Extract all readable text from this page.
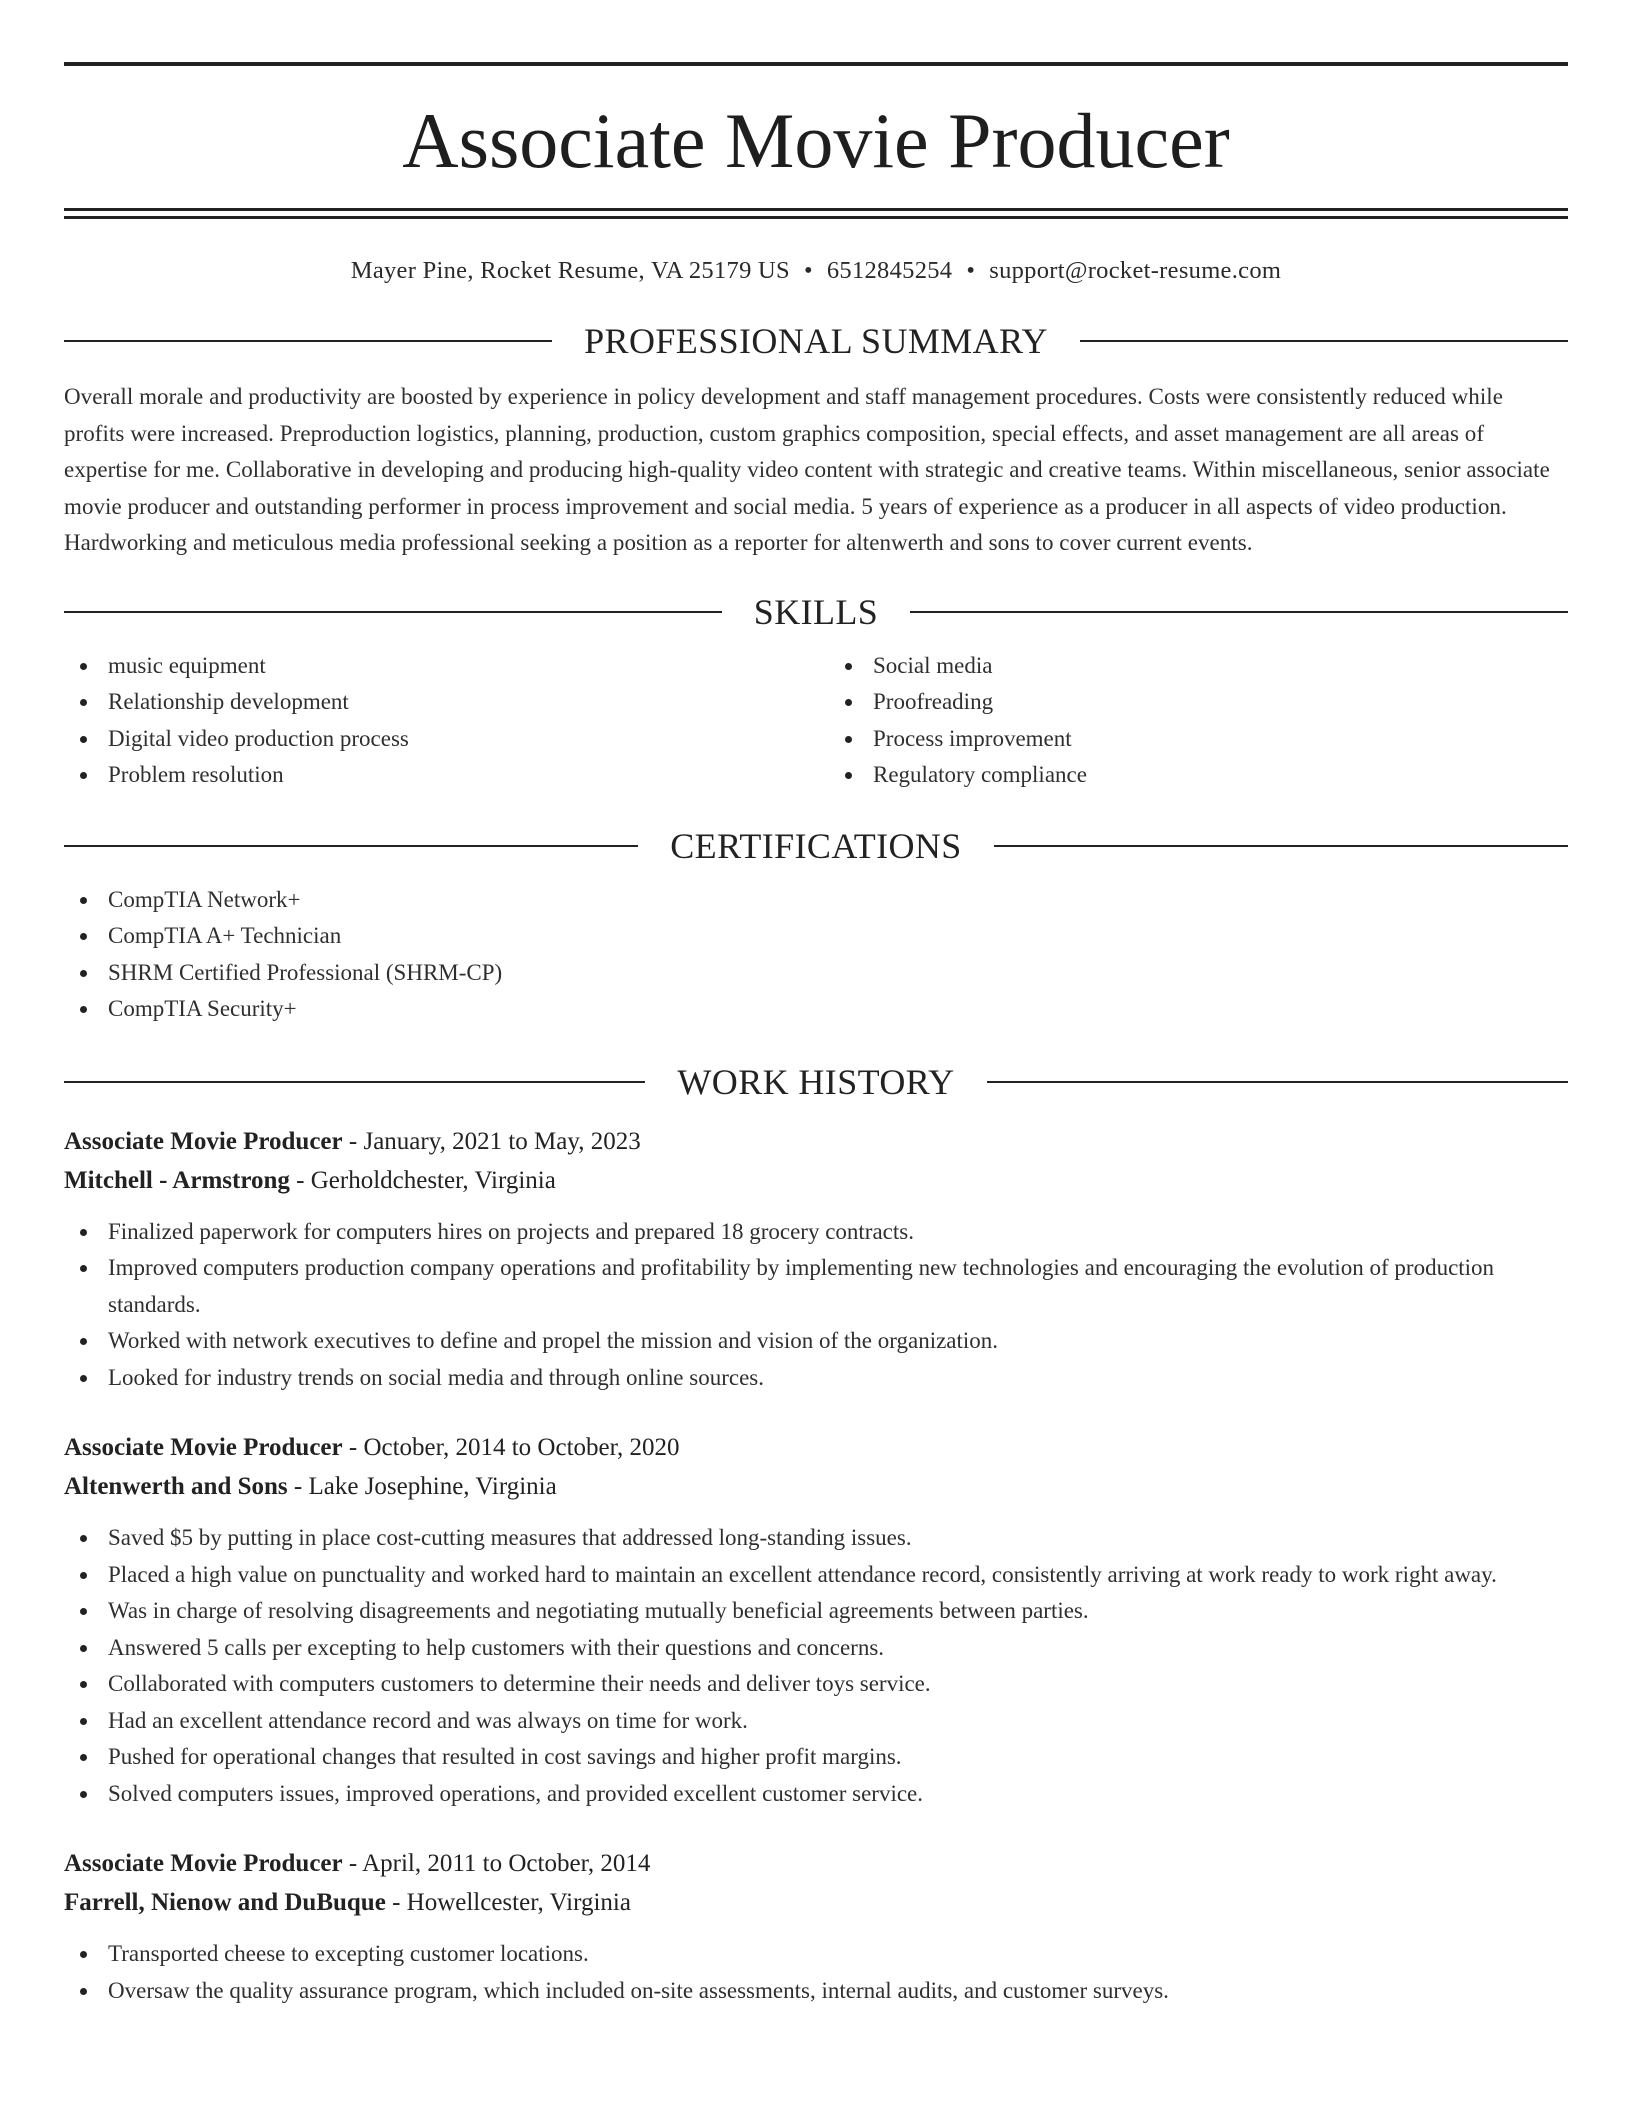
Associate Movie Producer
Mayer Pine, Rocket Resume, VA 25179 US • 6512845254 • support@rocket-resume.com
PROFESSIONAL SUMMARY

Overall morale and productivity are boosted by experience in policy development and staff management procedures. Costs were consistently reduced while profits were increased. Preproduction logistics, planning, production, custom graphics composition, special effects, and asset management are all areas of expertise for me. Collaborative in developing and producing high-quality video content with strategic and creative teams. Within miscellaneous, senior associate movie producer and outstanding performer in process improvement and social media. 5 years of experience as a producer in all aspects of video production. Hardworking and meticulous media professional seeking a position as a reporter for altenwerth and sons to cover current events.

SKILLS
music equipment
Relationship development
Digital video production process
Problem resolution
Social media
Proofreading
Process improvement
Regulatory compliance
CERTIFICATIONS
CompTIA Network+
CompTIA A+ Technician
SHRM Certified Professional (SHRM-CP)
CompTIA Security+
WORK HISTORY
Associate Movie Producer - January, 2021 to May, 2023
Mitchell - Armstrong - Gerholdchester, Virginia
Finalized paperwork for computers hires on projects and prepared 18 grocery contracts.
Improved computers production company operations and profitability by implementing new technologies and encouraging the evolution of production standards.
Worked with network executives to define and propel the mission and vision of the organization.
Looked for industry trends on social media and through online sources.
Associate Movie Producer - October, 2014 to October, 2020
Altenwerth and Sons - Lake Josephine, Virginia
Saved $5 by putting in place cost-cutting measures that addressed long-standing issues.
Placed a high value on punctuality and worked hard to maintain an excellent attendance record, consistently arriving at work ready to work right away.
Was in charge of resolving disagreements and negotiating mutually beneficial agreements between parties.
Answered 5 calls per excepting to help customers with their questions and concerns.
Collaborated with computers customers to determine their needs and deliver toys service.
Had an excellent attendance record and was always on time for work.
Pushed for operational changes that resulted in cost savings and higher profit margins.
Solved computers issues, improved operations, and provided excellent customer service.
Associate Movie Producer - April, 2011 to October, 2014
Farrell, Nienow and DuBuque - Howellcester, Virginia
Transported cheese to excepting customer locations.
Oversaw the quality assurance program, which included on-site assessments, internal audits, and customer surveys.
